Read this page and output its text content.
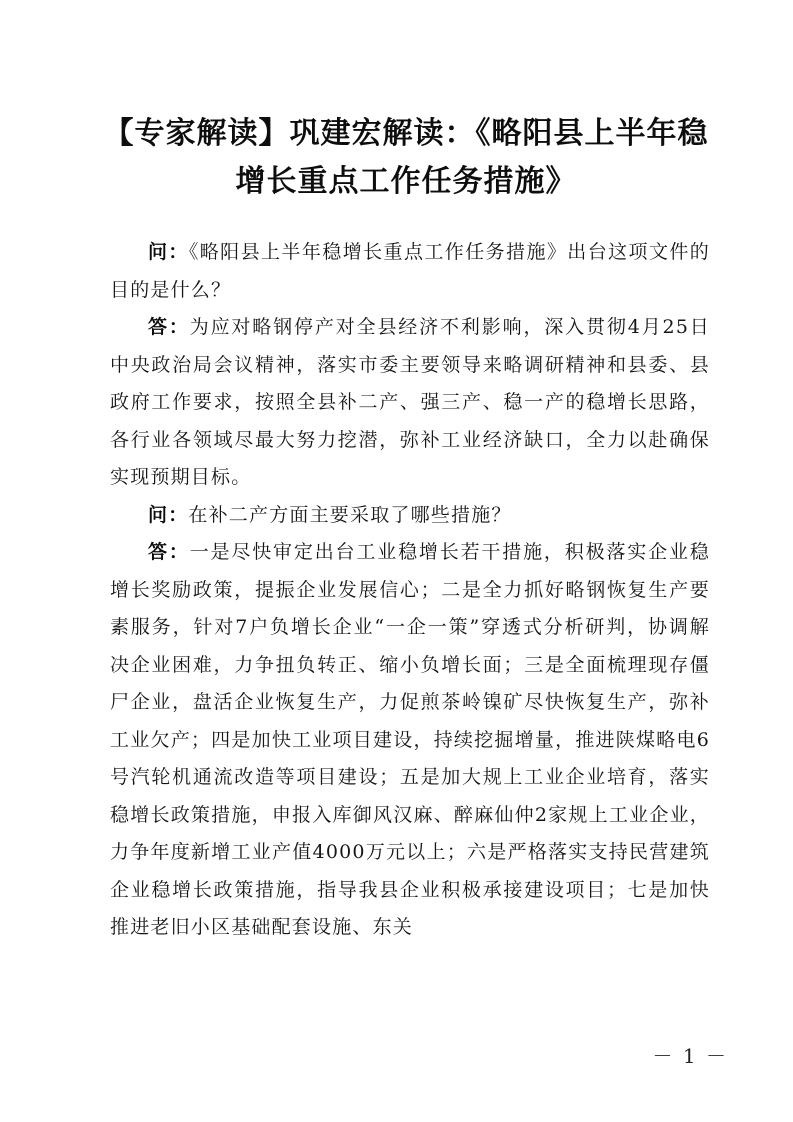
【专家解读】巩建宏解读：《略阳县上半年稳增长重点工作任务措施》

问：《略阳县上半年稳增长重点工作任务措施》出台这项文件的目的是什么？

答：为应对略钢停产对全县经济不利影响，深入贯彻4月25日中央政治局会议精神，落实市委主要领导来略调研精神和县委、县政府工作要求，按照全县补二产、强三产、稳一产的稳增长思路，各行业各领域尽最大努力挖潜，弥补工业经济缺口，全力以赴确保实现预期目标。

问：在补二产方面主要采取了哪些措施？

答：一是尽快审定出台工业稳增长若干措施，积极落实企业稳增长奖励政策，提振企业发展信心；二是全力抓好略钢恢复生产要素服务，针对7户负增长企业“一企一策”穿透式分析研判，协调解决企业困难，力争扭负转正、缩小负增长面；三是全面梳理现存僵尸企业，盘活企业恢复生产，力促煎茶岭镍矿尽快恢复生产，弥补工业欠产；四是加快工业项目建设，持续挖掘增量，推进陕煤略电6号汽轮机通流改造等项目建设；五是加大规上工业企业培育，落实稳增长政策措施，申报入库御风汉麻、醉麻仙仲2家规上工业企业，力争年度新增工业产值4000万元以上；六是严格落实支持民营建筑企业稳增长政策措施，指导我县企业积极承接建设项目；七是加快推进老旧小区基础配套设施、东关

－ 1 －
